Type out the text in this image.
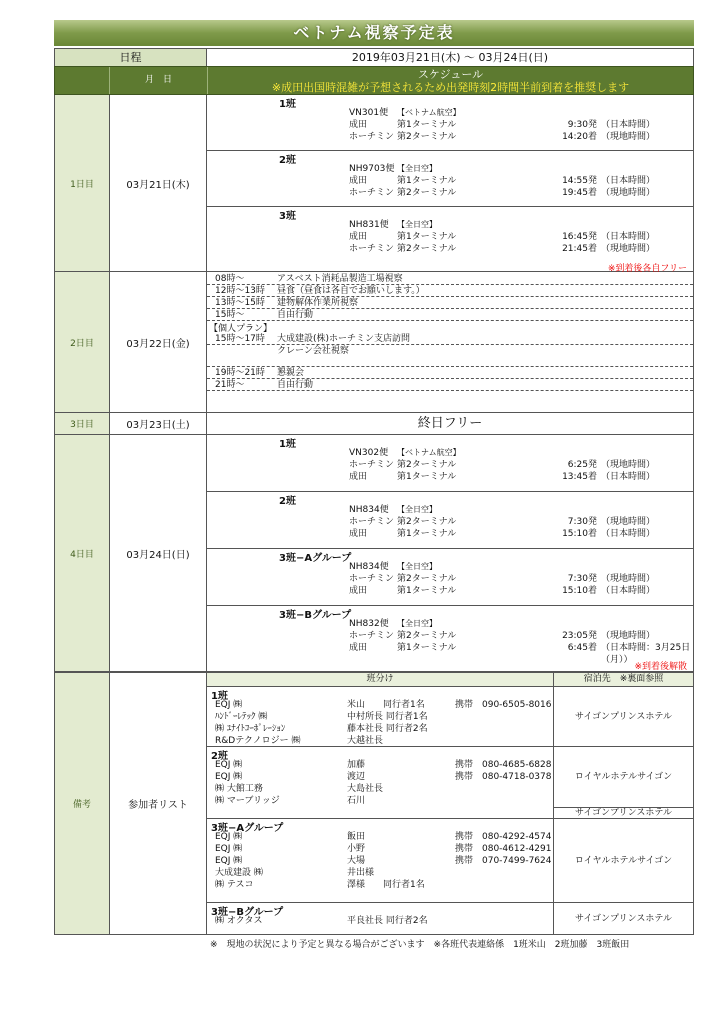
ベトナム視察予定表
日程	2019年03月21日(木) 〜 03月24日(日)
月　日	スケジュール
※成田出国時混雑が予想されるため出発時刻2時間半前到着を推奨します
1日目	03月21日(木)
1班
VN301便 【ベトナム航空】
成田	第1ターミナル	9:30発 （日本時間）
ホーチミン 第2ターミナル	14:20着 （現地時間）
2班
NH9703便 【全日空】
成田	第1ターミナル	14:55発 （日本時間）
ホーチミン 第2ターミナル	19:45着 （現地時間）
3班
NH831便 【全日空】
成田	第1ターミナル	16:45発 （日本時間）
ホーチミン 第2ターミナル	21:45着 （現地時間）
※到着後各自フリー
2日目	03月22日(金)
08時〜	アスベスト消耗品製造工場視察
12時〜13時 昼食（昼食は各自でお願いします。）
13時〜15時 建物解体作業所視察
15時〜	自由行動
【個人プラン】
15時〜17時 大成建設(株)ホーチミン支店訪問
クレーン会社視察
19時〜21時 懇親会
21時〜	自由行動
3日目	03月23日(土)	終日フリー
4日目	03月24日(日)
1班
VN302便 【ベトナム航空】
ホーチミン 第2ターミナル	6:25発 （現地時間）
成田	第1ターミナル	13:45着 （日本時間）
2班
NH834便 【全日空】
ホーチミン 第2ターミナル	7:30発 （現地時間）
成田	第1ターミナル	15:10着 （日本時間）
3班−Aグループ
NH834便 【全日空】
ホーチミン 第2ターミナル	7:30発 （現地時間）
成田	第1ターミナル	15:10着 （日本時間）
3班−Bグループ
NH832便 【全日空】
ホーチミン 第2ターミナル	23:05発 （現地時間）
成田	第1ターミナル	6:45着 （日本時間：3月25日（月））
※到着後解散
備考	参加者リスト
班分け	宿泊先　※裏面参照
1班
EQJ ㈱	米山　　同行者1名	携帯　090-6505-8016
ﾊﾝﾄﾞｰﾚﾃｯｸ ㈱	中村所長 同行者1名
㈱ ﾕﾅｲﾄｺｰﾎﾟﾚｰｼｮﾝ	藤本社長 同行者2名
R&Dテクノロジー ㈱	大越社長
サイゴンプリンスホテル
2班
EQJ ㈱	加藤	携帯　080-4685-6828
EQJ ㈱	渡辺	携帯　080-4718-0378
㈱ 大館工務	大島社長
㈱ マーブリッジ	石川
ロイヤルホテルサイゴン
サイゴンプリンスホテル
3班−Aグループ
EQJ ㈱	飯田	携帯　080-4292-4574
EQJ ㈱	小野	携帯　080-4612-4291
EQJ ㈱	大場	携帯　070-7499-7624
大成建設 ㈱	井出様
㈱ テスコ	澤様　　同行者1名
ロイヤルホテルサイゴン
3班−Bグループ
㈱ オクタス	平良社長 同行者2名	サイゴンプリンスホテル
※　現地の状況により予定と異なる場合がございます　※各班代表連絡係　1班米山　2班加藤　3班飯田
